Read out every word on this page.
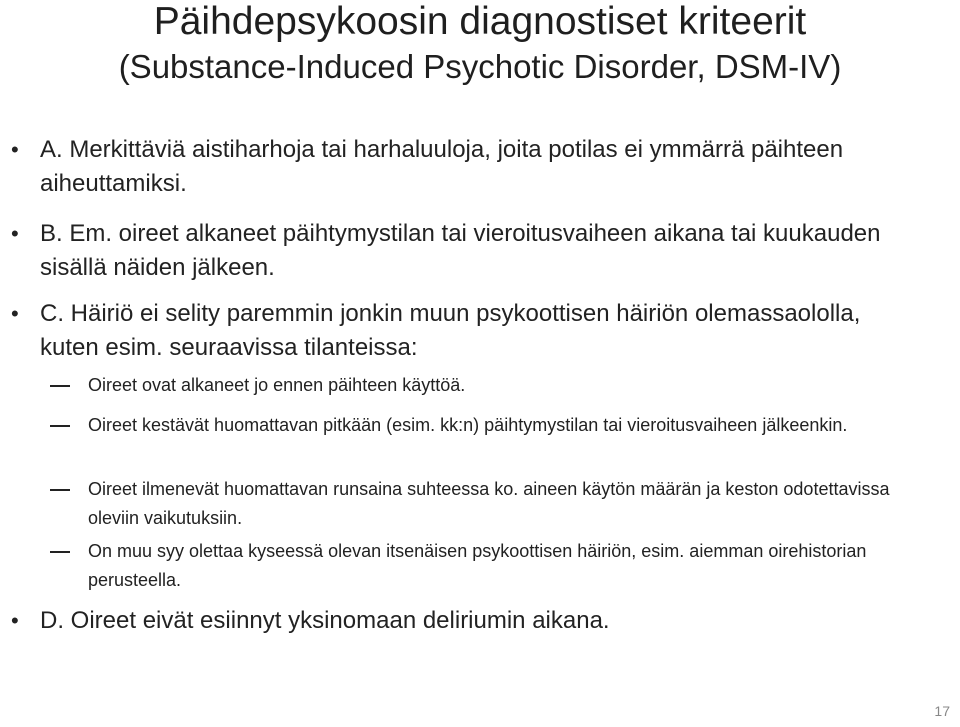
Päihdepsykoosin diagnostiset kriteerit
(Substance-Induced Psychotic Disorder, DSM-IV)
• A. Merkittäviä aistiharhoja tai harhaluuloja, joita potilas ei ymmärrä päihteen aiheuttamiksi.
• B. Em. oireet alkaneet päihtymystilan tai vieroitusvaiheen aikana tai kuukauden sisällä näiden jälkeen.
• C. Häiriö ei selity paremmin jonkin muun psykoottisen häiriön olemassaololla, kuten esim. seuraavissa tilanteissa:
Oireet ovat alkaneet jo ennen päihteen käyttöä.
Oireet kestävät huomattavan pitkään (esim. kk:n) päihtymystilan tai vieroitusvaiheen jälkeenkin.
Oireet ilmenevät huomattavan runsaina suhteessa ko. aineen käytön määrän ja keston odotettavissa oleviin vaikutuksiin.
On muu syy olettaa kyseessä olevan itsenäisen psykoottisen häiriön, esim. aiemman oirehistorian perusteella.
• D. Oireet eivät esiinnyt yksinomaan deliriumin aikana.
17
